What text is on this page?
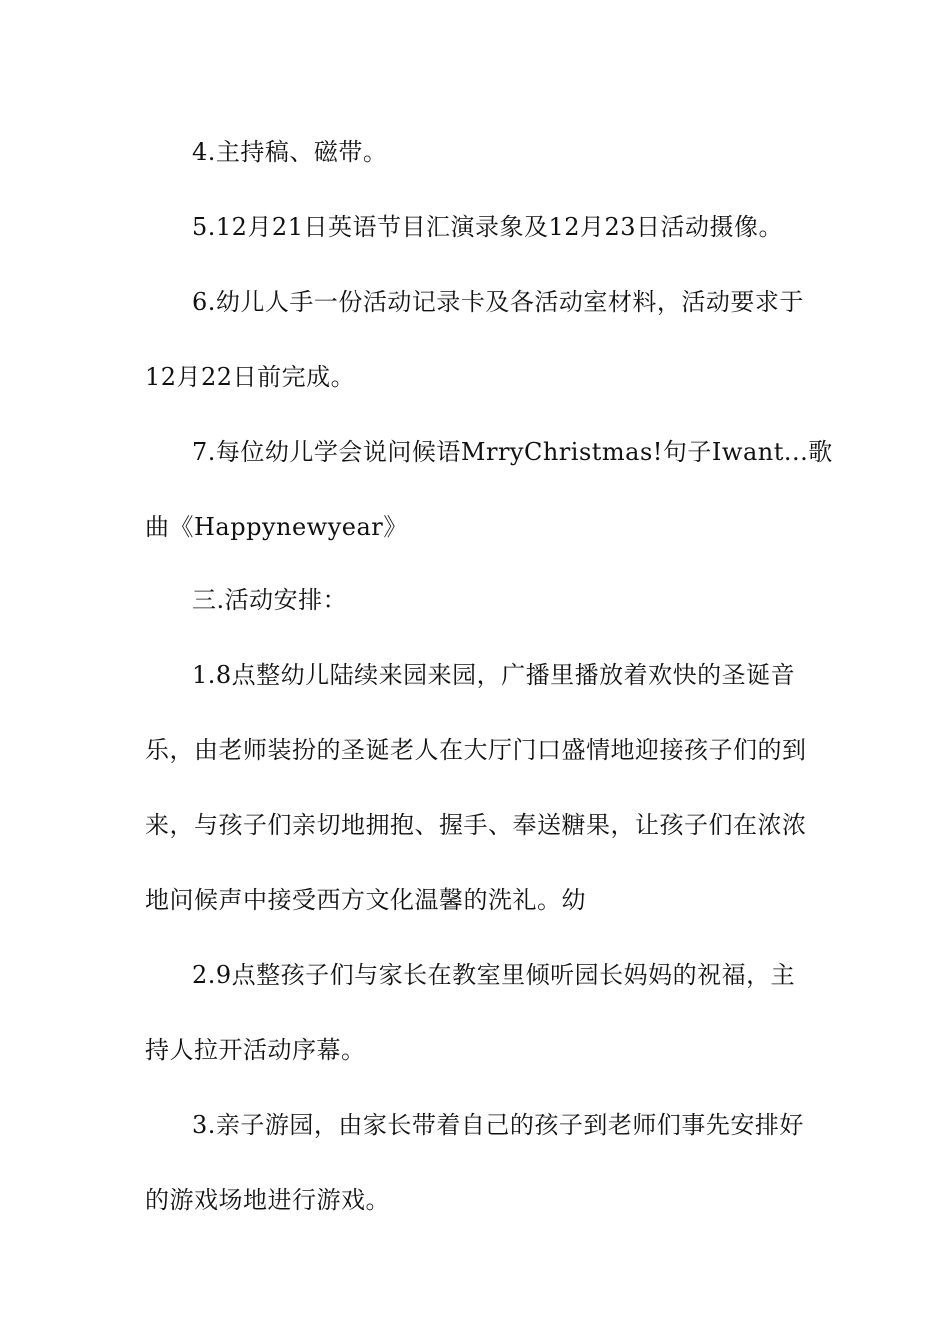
4.主持稿、磁带。
5.12月21日英语节目汇演录象及12月23日活动摄像。
6.幼儿人手一份活动记录卡及各活动室材料，活动要求于
12月22日前完成。
7.每位幼儿学会说问候语MrryChristmas!句子Iwant...歌
曲《Happynewyear》
三.活动安排：
1.8点整幼儿陆续来园来园，广播里播放着欢快的圣诞音
乐，由老师装扮的圣诞老人在大厅门口盛情地迎接孩子们的到
来，与孩子们亲切地拥抱、握手、奉送糖果，让孩子们在浓浓
地问候声中接受西方文化温馨的洗礼。幼
2.9点整孩子们与家长在教室里倾听园长妈妈的祝福，主
持人拉开活动序幕。
3.亲子游园，由家长带着自己的孩子到老师们事先安排好
的游戏场地进行游戏。
